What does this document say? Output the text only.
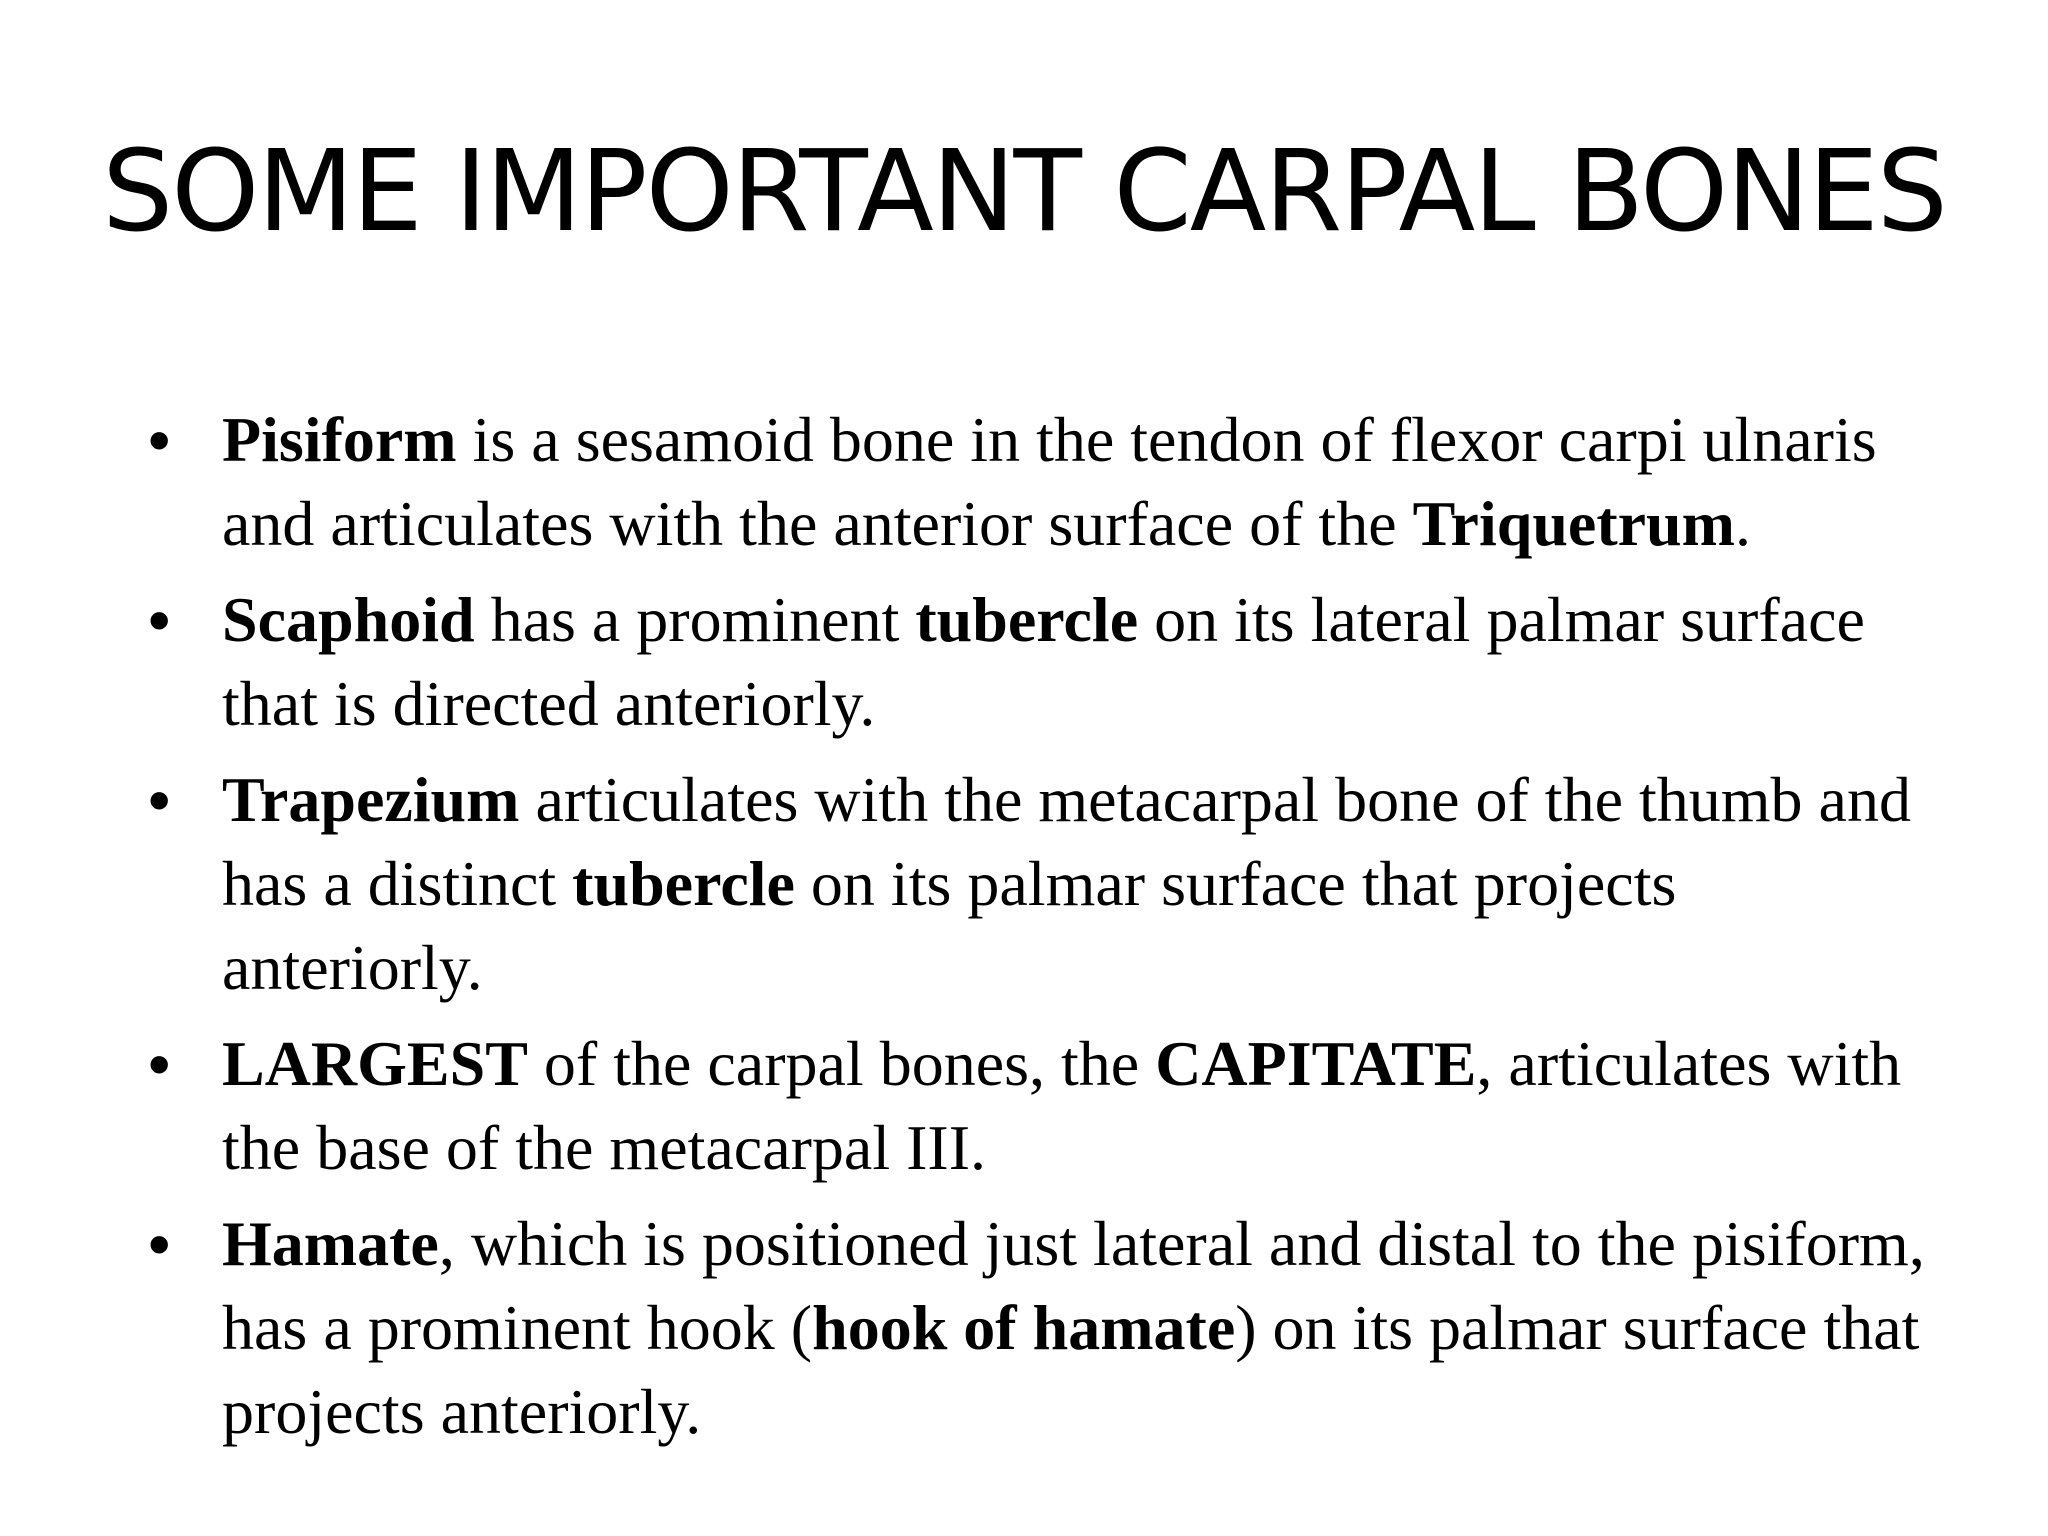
SOME IMPORTANT CARPAL BONES
• Pisiform is a sesamoid bone in the tendon of flexor carpi ulnaris and articulates with the anterior surface of the Triquetrum.
• Scaphoid has a prominent tubercle on its lateral palmar surface that is directed anteriorly.
• Trapezium articulates with the metacarpal bone of the thumb and has a distinct tubercle on its palmar surface that projects anteriorly.
• LARGEST of the carpal bones, the CAPITATE, articulates with the base of the metacarpal III.
• Hamate, which is positioned just lateral and distal to the pisiform, has a prominent hook (hook of hamate) on its palmar surface that projects anteriorly.
